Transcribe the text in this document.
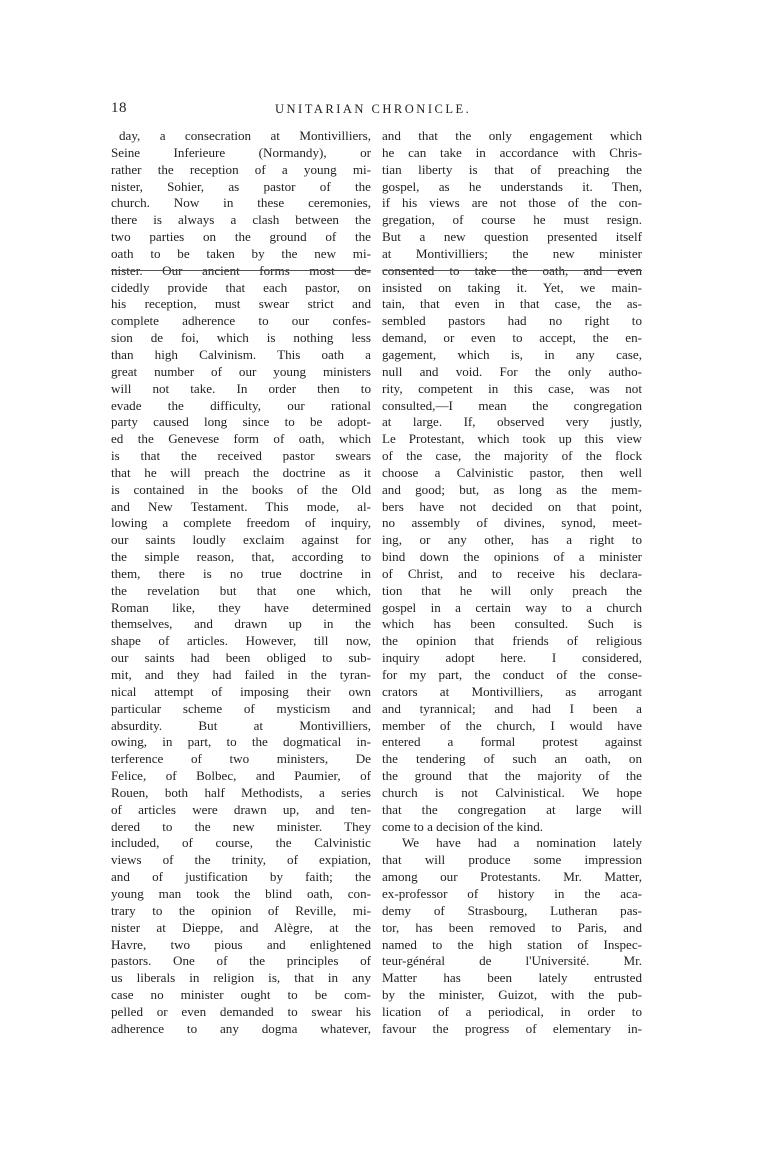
18	UNITARIAN CHRONICLE.
day, a consecration at Montivilliers,
Seine Inferieure (Normandy), or
rather the reception of a young mi-
nister, Sohier, as pastor of the
church. Now in these ceremonies,
there is always a clash between the
two parties on the ground of the
oath to be taken by the new mi-
nister. Our ancient forms most de-
cidedly provide that each pastor, on
his reception, must swear strict and
complete adherence to our confes-
sion de foi, which is nothing less
than high Calvinism. This oath a
great number of our young ministers
will not take. In order then to
evade the difficulty, our rational
party caused long since to be adopt-
ed the Genevese form of oath, which
is that the received pastor swears
that he will preach the doctrine as it
is contained in the books of the Old
and New Testament. This mode, al-
lowing a complete freedom of inquiry,
our saints loudly exclaim against for
the simple reason, that, according to
them, there is no true doctrine in
the revelation but that one which,
Roman like, they have determined
themselves, and drawn up in the
shape of articles. However, till now,
our saints had been obliged to sub-
mit, and they had failed in the tyran-
nical attempt of imposing their own
particular scheme of mysticism and
absurdity. But at Montivilliers,
owing, in part, to the dogmatical in-
terference of two ministers, De
Felice, of Bolbec, and Paumier, of
Rouen, both half Methodists, a series
of articles were drawn up, and ten-
dered to the new minister. They
included, of course, the Calvinistic
views of the trinity, of expiation,
and of justification by faith; the
young man took the blind oath, con-
trary to the opinion of Reville, mi-
nister at Dieppe, and Alègre, at the
Havre, two pious and enlightened
pastors. One of the principles of
us liberals in religion is, that in any
case no minister ought to be com-
pelled or even demanded to swear his
adherence to any dogma whatever,
and that the only engagement which
he can take in accordance with Chris-
tian liberty is that of preaching the
gospel, as he understands it. Then,
if his views are not those of the con-
gregation, of course he must resign.
But a new question presented itself
at Montivilliers; the new minister
consented to take the oath, and even
insisted on taking it. Yet, we main-
tain, that even in that case, the as-
sembled pastors had no right to
demand, or even to accept, the en-
gagement, which is, in any case,
null and void. For the only autho-
rity, competent in this case, was not
consulted,—I mean the congregation
at large. If, observed very justly,
Le Protestant, which took up this view
of the case, the majority of the flock
choose a Calvinistic pastor, then well
and good; but, as long as the mem-
bers have not decided on that point,
no assembly of divines, synod, meet-
ing, or any other, has a right to
bind down the opinions of a minister
of Christ, and to receive his declara-
tion that he will only preach the
gospel in a certain way to a church
which has been consulted. Such is
the opinion that friends of religious
inquiry adopt here. I considered,
for my part, the conduct of the conse-
crators at Montivilliers, as arrogant
and tyrannical; and had I been a
member of the church, I would have
entered a formal protest against
the tendering of such an oath, on
the ground that the majority of the
church is not Calvinistical. We hope
that the congregation at large will
come to a decision of the kind.
We have had a nomination lately
that will produce some impression
among our Protestants. Mr. Matter,
ex-professor of history in the aca-
demy of Strasbourg, Lutheran pas-
tor, has been removed to Paris, and
named to the high station of Inspec-
teur-général de l'Université. Mr.
Matter has been lately entrusted
by the minister, Guizot, with the pub-
lication of a periodical, in order to
favour the progress of elementary in-
